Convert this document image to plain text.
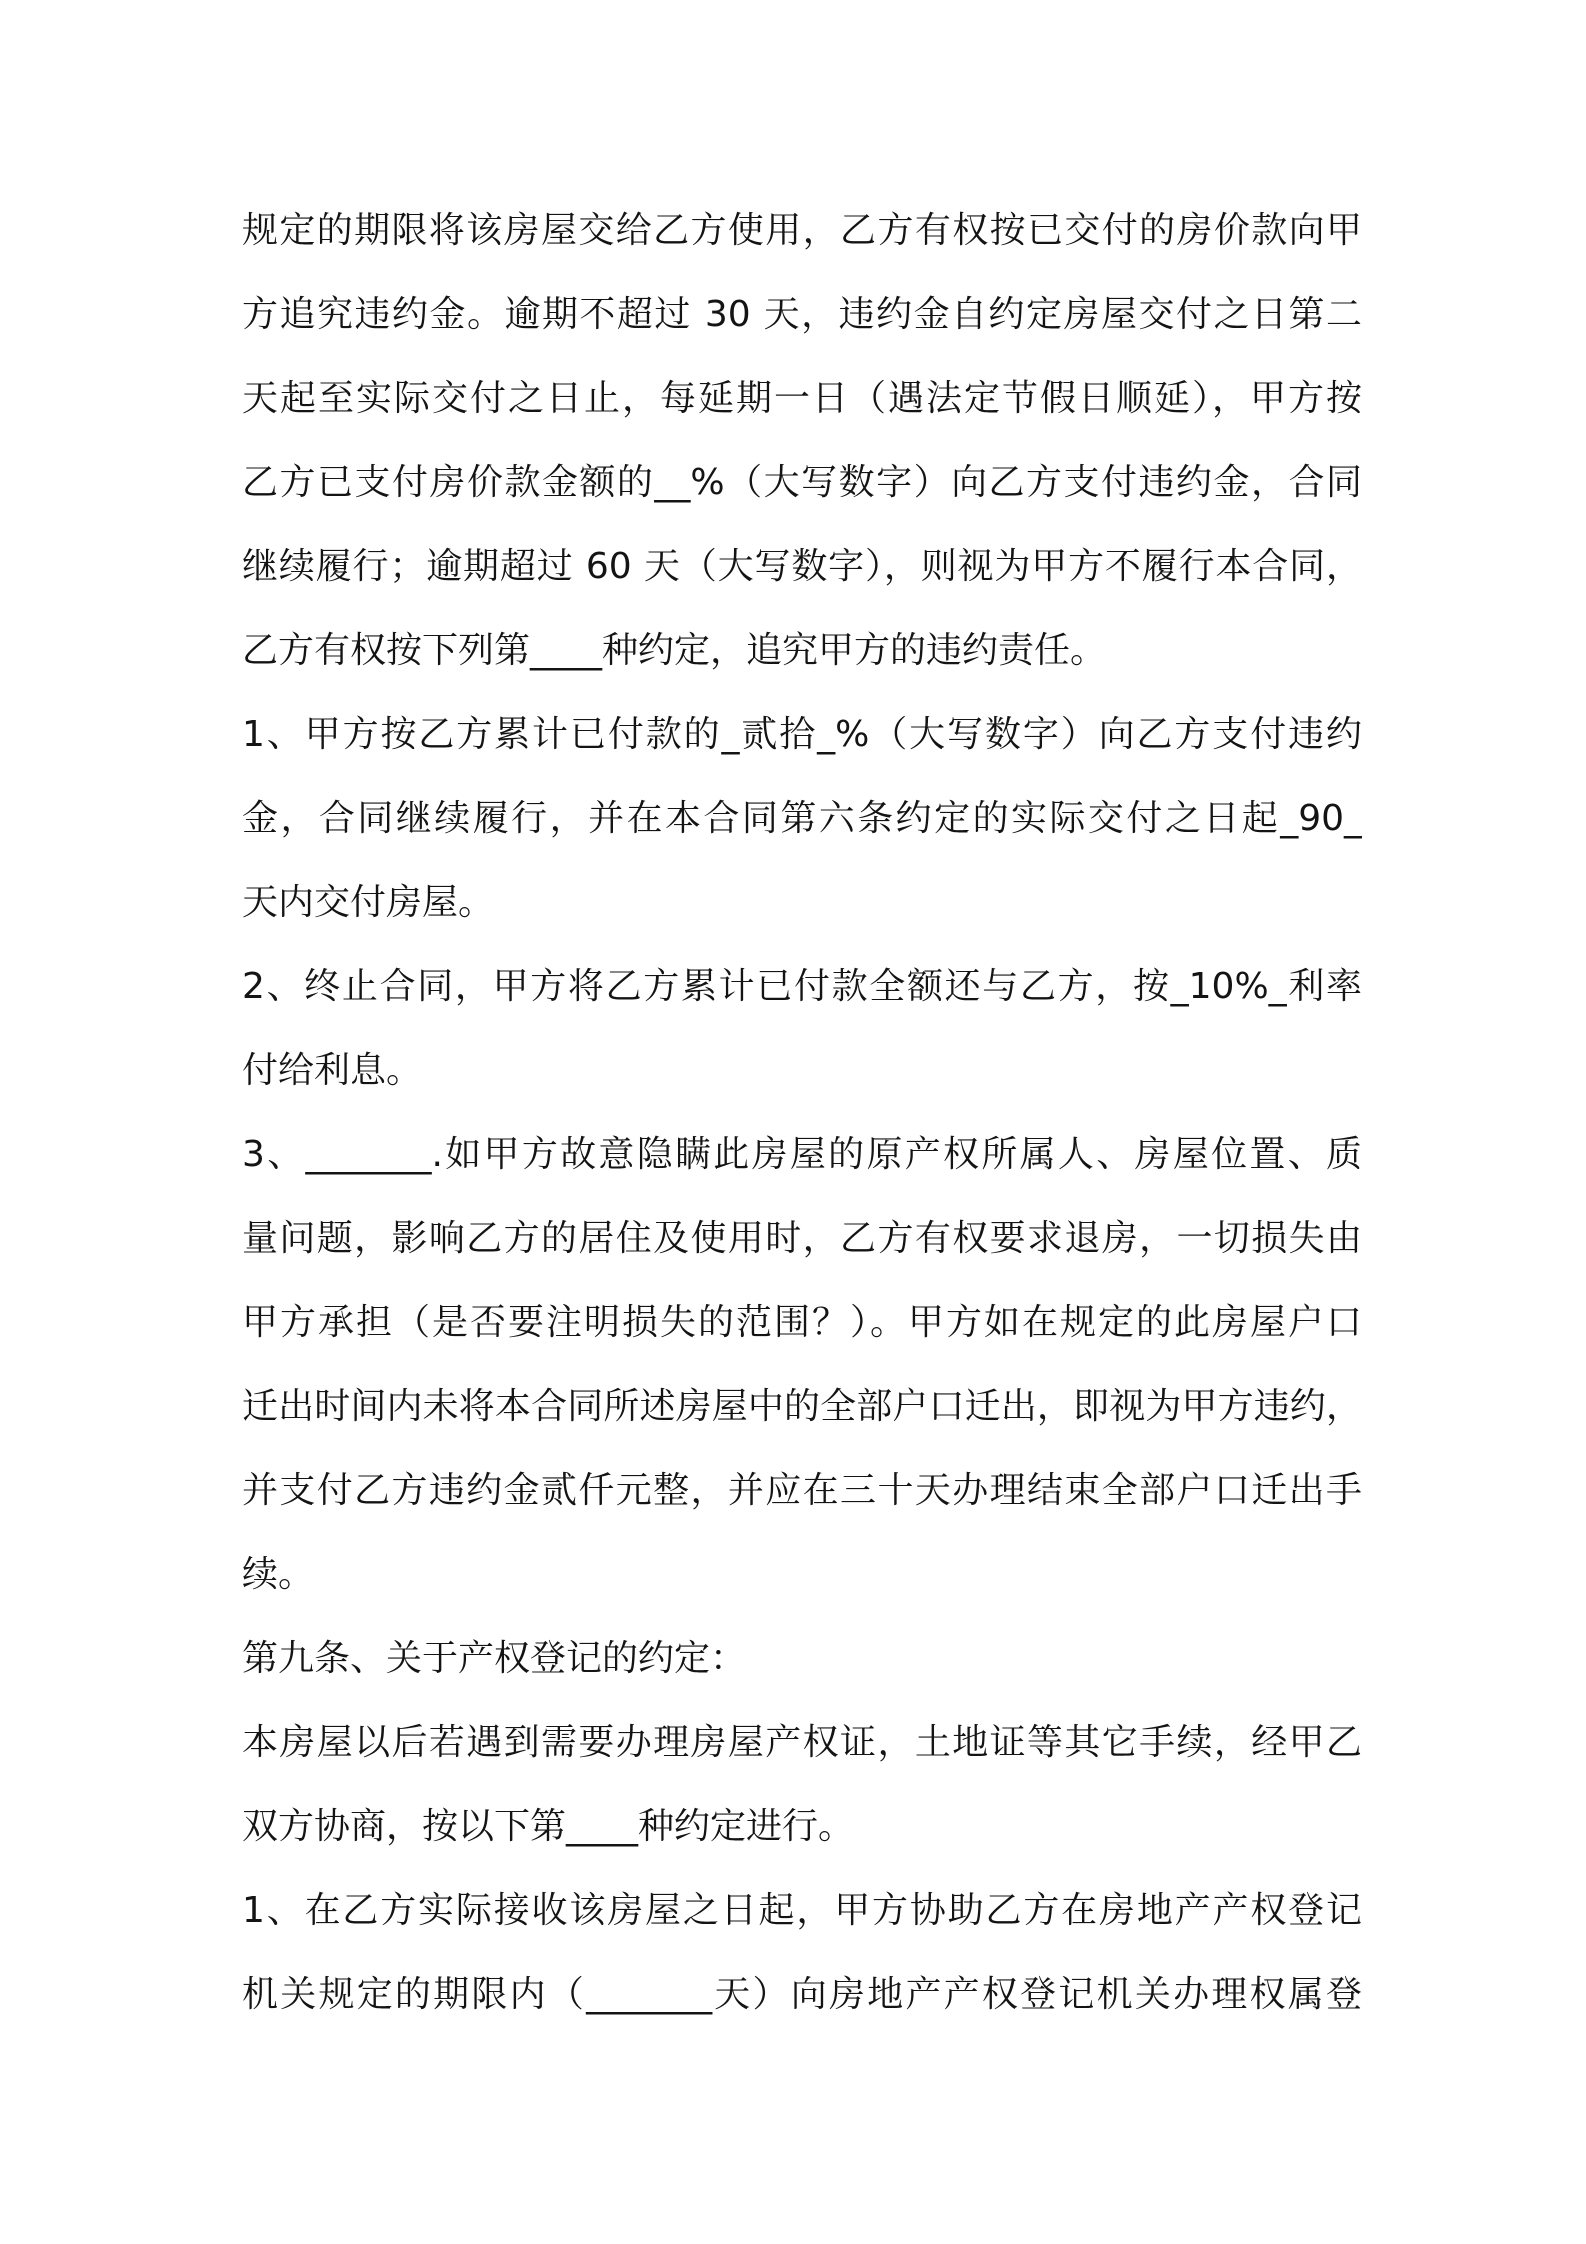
规定的期限将该房屋交给乙方使用，乙方有权按已交付的房价款向甲
方追究违约金。逾期不超过 30 天，违约金自约定房屋交付之日第二
天起至实际交付之日止，每延期一日（遇法定节假日顺延），甲方按
乙方已支付房价款金额的__%（大写数字）向乙方支付违约金，合同
继续履行；逾期超过 60 天（大写数字），则视为甲方不履行本合同，
乙方有权按下列第____种约定，追究甲方的违约责任。
1、甲方按乙方累计已付款的_贰拾_%（大写数字）向乙方支付违约
金，合同继续履行，并在本合同第六条约定的实际交付之日起_90_
天内交付房屋。
2、终止合同，甲方将乙方累计已付款全额还与乙方，按_10%_利率
付给利息。
3、_______.如甲方故意隐瞒此房屋的原产权所属人、房屋位置、质
量问题，影响乙方的居住及使用时，乙方有权要求退房，一切损失由
甲方承担（是否要注明损失的范围？）。甲方如在规定的此房屋户口
迁出时间内未将本合同所述房屋中的全部户口迁出，即视为甲方违约，
并支付乙方违约金贰仟元整，并应在三十天办理结束全部户口迁出手
续。
第九条、关于产权登记的约定：
本房屋以后若遇到需要办理房屋产权证，土地证等其它手续，经甲乙
双方协商，按以下第____种约定进行。
1、在乙方实际接收该房屋之日起，甲方协助乙方在房地产产权登记
机关规定的期限内（_______天）向房地产产权登记机关办理权属登
